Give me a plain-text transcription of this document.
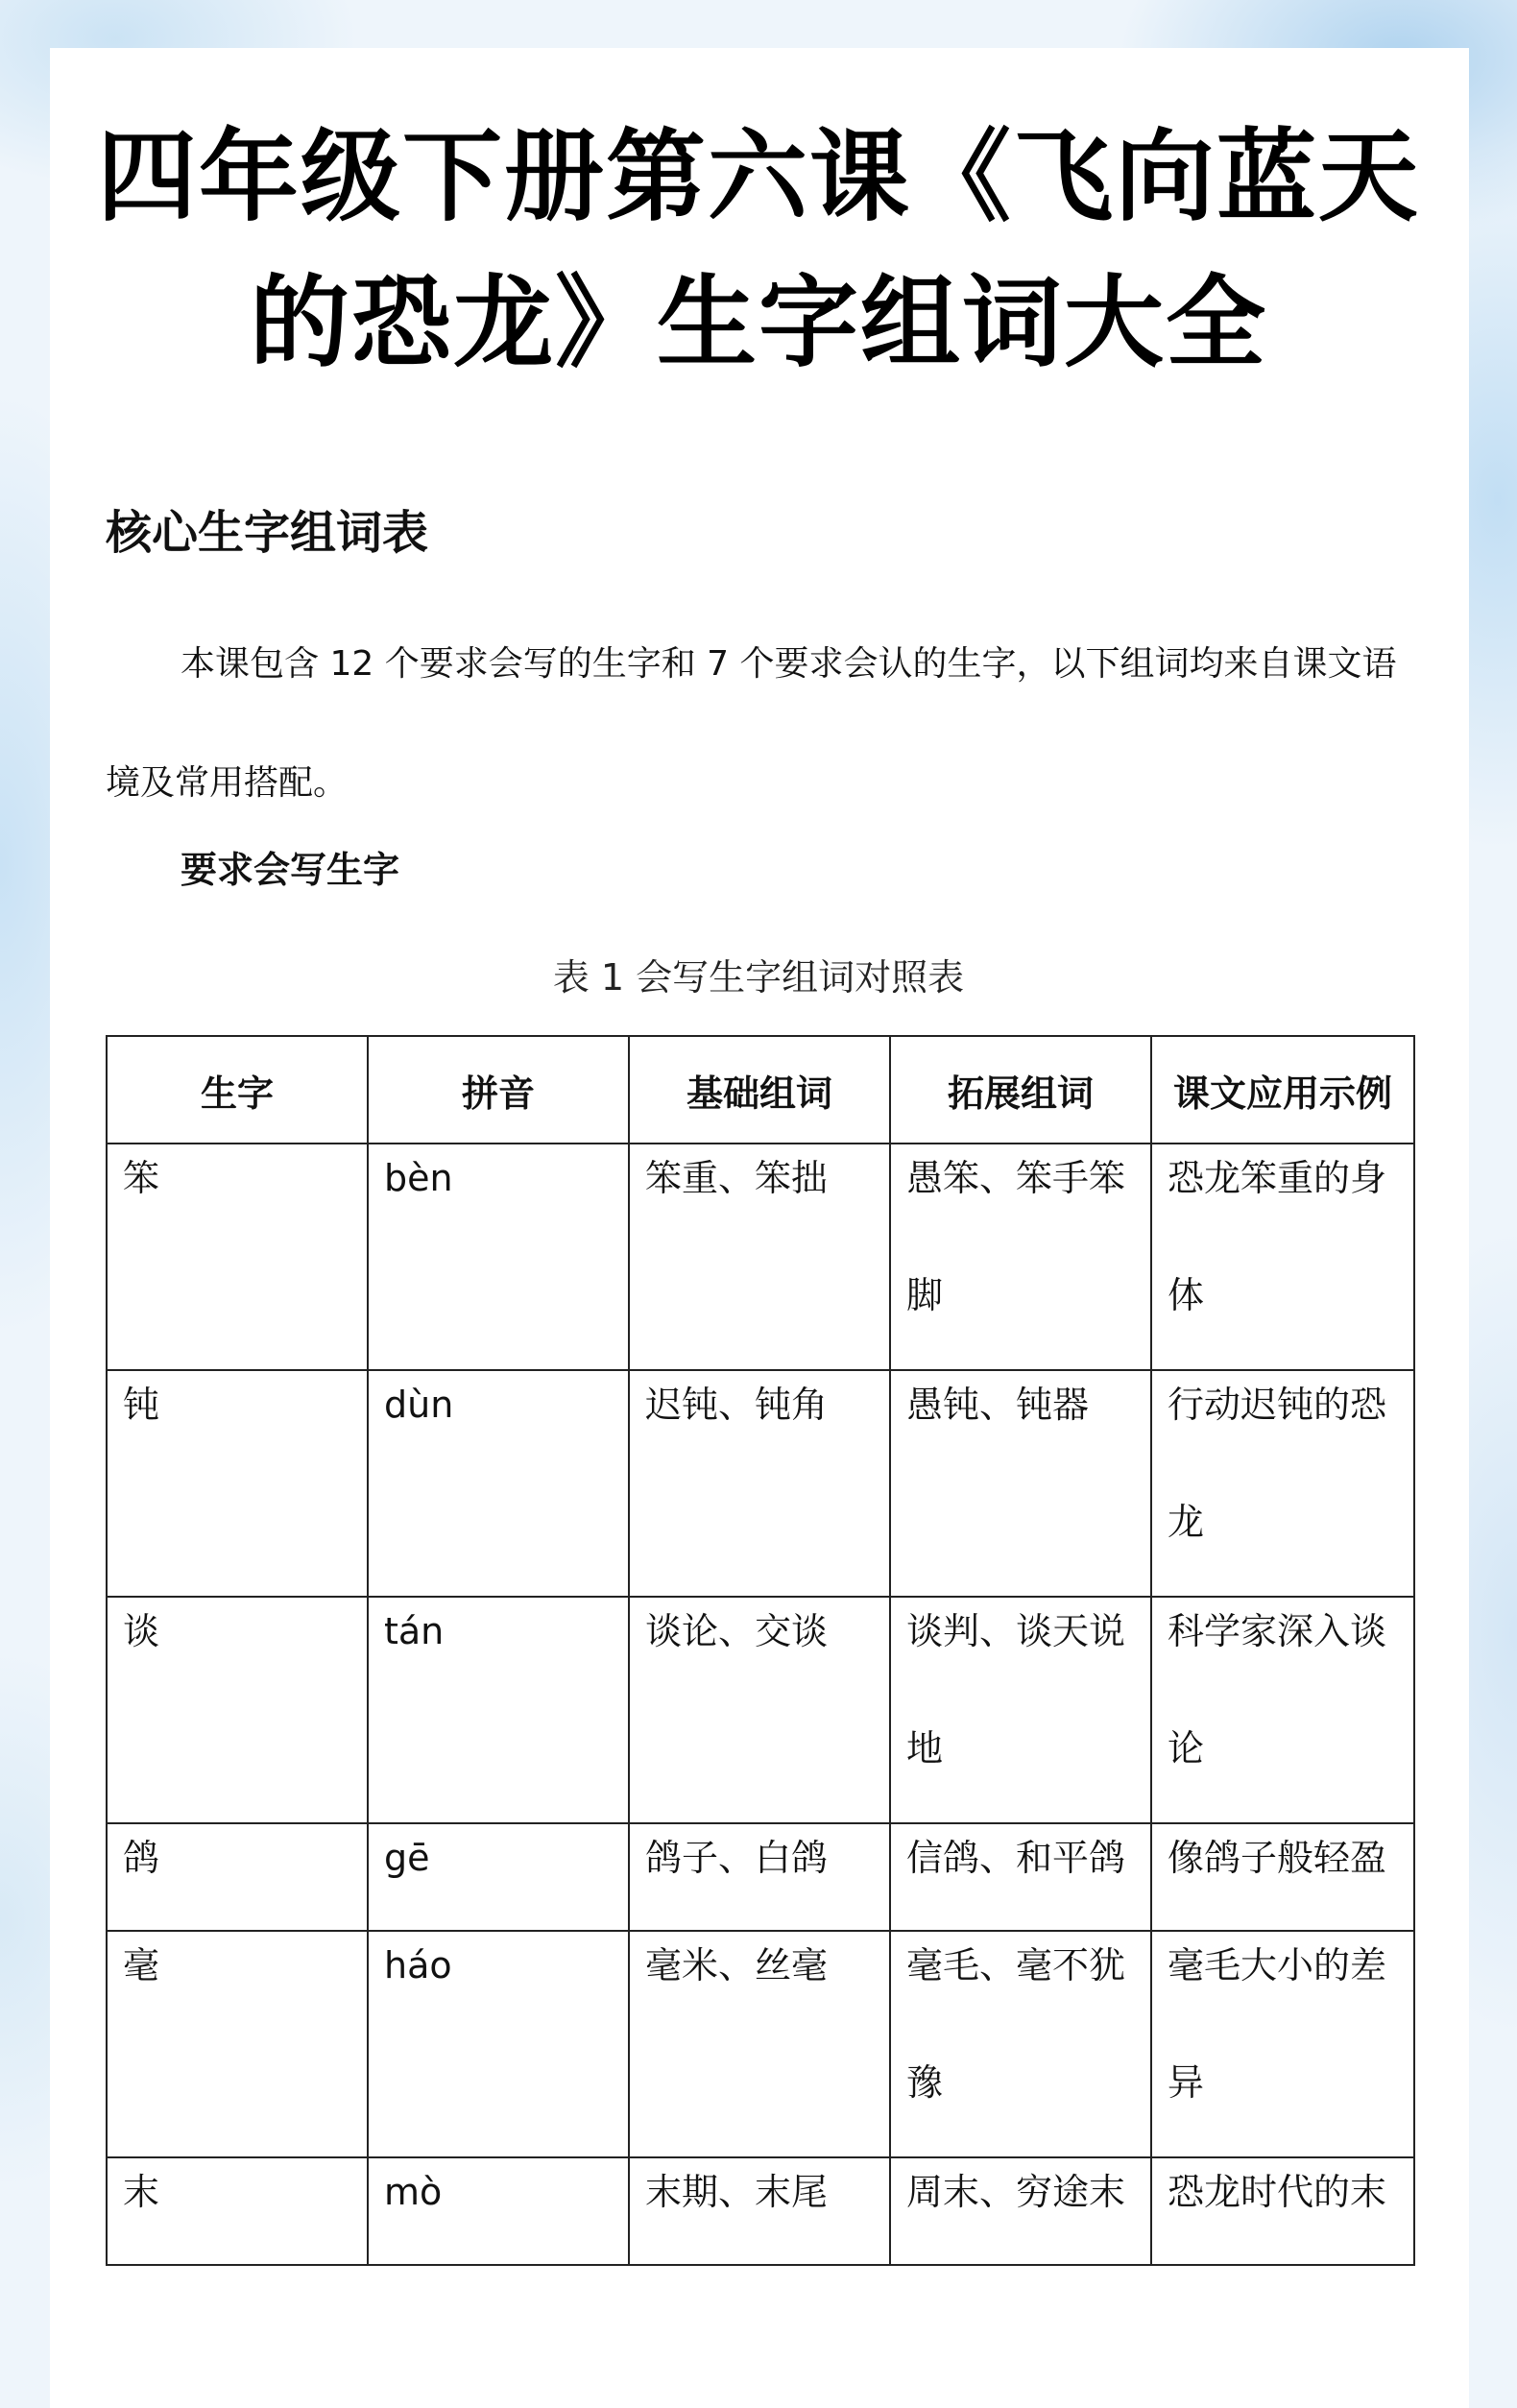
四年级下册第六课《飞向蓝天
的恐龙》生字组词大全
核心生字组词表
本课包含 12 个要求会写的生字和 7 个要求会认的生字，以下组词均来自课文语境及常用搭配。
要求会写生字
表 1 会写生字组词对照表
生字	拼音	基础组词	拓展组词	课文应用示例

笨	bèn	笨重、笨拙	愚笨、笨手笨脚	恐龙笨重的身体

钝	dùn	迟钝、钝角	愚钝、钝器	行动迟钝的恐龙

谈	tán	谈论、交谈	谈判、谈天说地	科学家深入谈论

鸽	gē	鸽子、白鸽	信鸽、和平鸽	像鸽子般轻盈

毫	háo	毫米、丝毫	毫毛、毫不犹豫	毫毛大小的差异

末	mò	末期、末尾	周末、穷途末	恐龙时代的末
